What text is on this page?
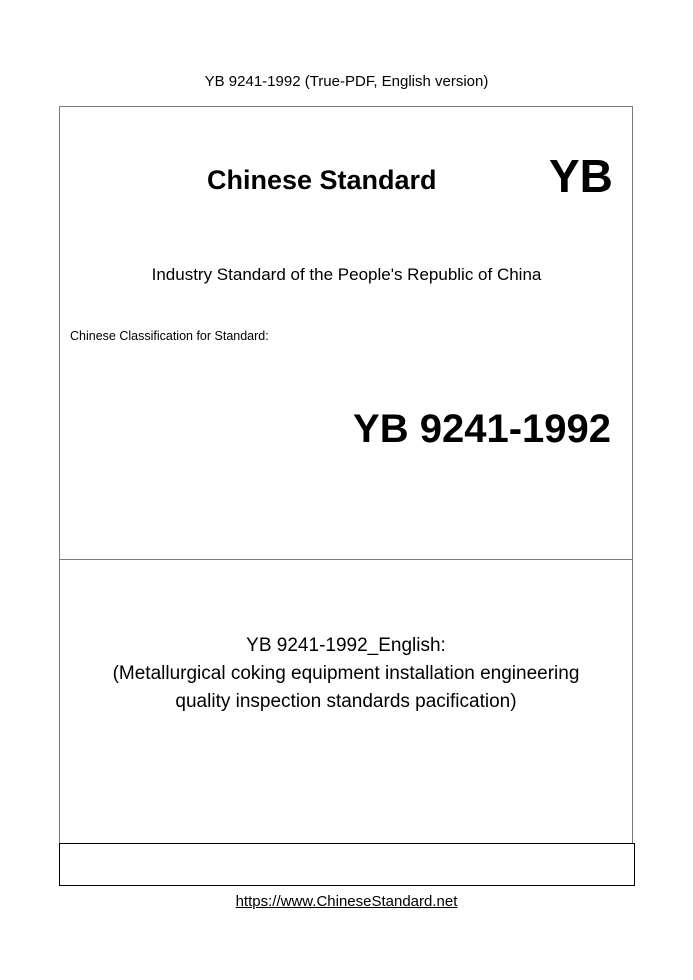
YB 9241-1992 (True-PDF, English version)
Chinese Standard YB
Industry Standard of the People's Republic of China
Chinese Classification for Standard:
YB 9241-1992
YB 9241-1992_English:
(Metallurgical coking equipment installation engineering
quality inspection standards pacification)
https://www.ChineseStandard.net
